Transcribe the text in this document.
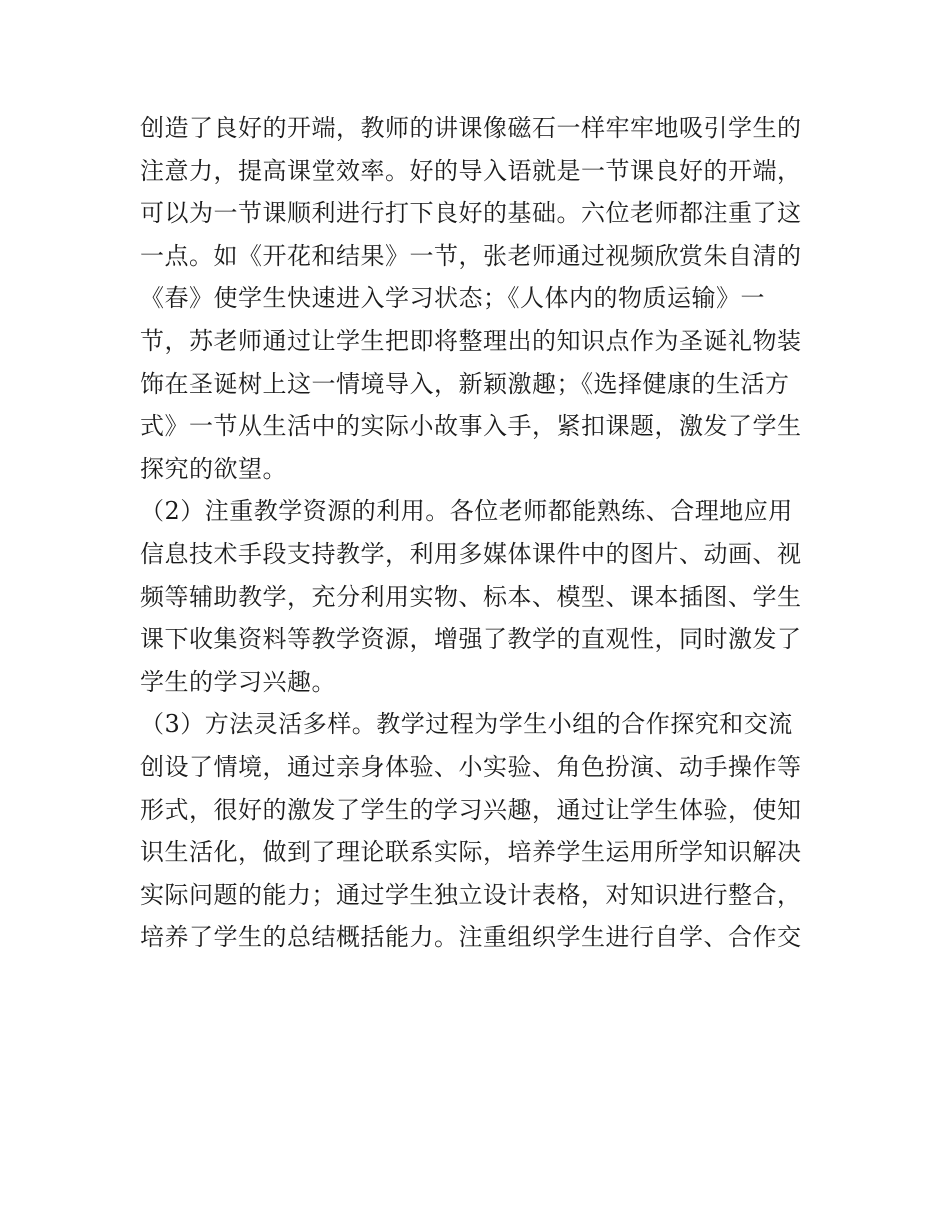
创造了良好的开端，教师的讲课像磁石一样牢牢地吸引学生的
注意力，提高课堂效率。好的导入语就是一节课良好的开端，
可以为一节课顺利进行打下良好的基础。六位老师都注重了这
一点。如《开花和结果》一节，张老师通过视频欣赏朱自清的
《春》使学生快速进入学习状态；《人体内的物质运输》一
节，苏老师通过让学生把即将整理出的知识点作为圣诞礼物装
饰在圣诞树上这一情境导入，新颖激趣；《选择健康的生活方
式》一节从生活中的实际小故事入手，紧扣课题，激发了学生
探究的欲望。
（2）注重教学资源的利用。各位老师都能熟练、合理地应用
信息技术手段支持教学，利用多媒体课件中的图片、动画、视
频等辅助教学，充分利用实物、标本、模型、课本插图、学生
课下收集资料等教学资源，增强了教学的直观性，同时激发了
学生的学习兴趣。
（3）方法灵活多样。教学过程为学生小组的合作探究和交流
创设了情境，通过亲身体验、小实验、角色扮演、动手操作等
形式，很好的激发了学生的学习兴趣，通过让学生体验，使知
识生活化，做到了理论联系实际，培养学生运用所学知识解决
实际问题的能力；通过学生独立设计表格，对知识进行整合，
培养了学生的总结概括能力。注重组织学生进行自学、合作交
